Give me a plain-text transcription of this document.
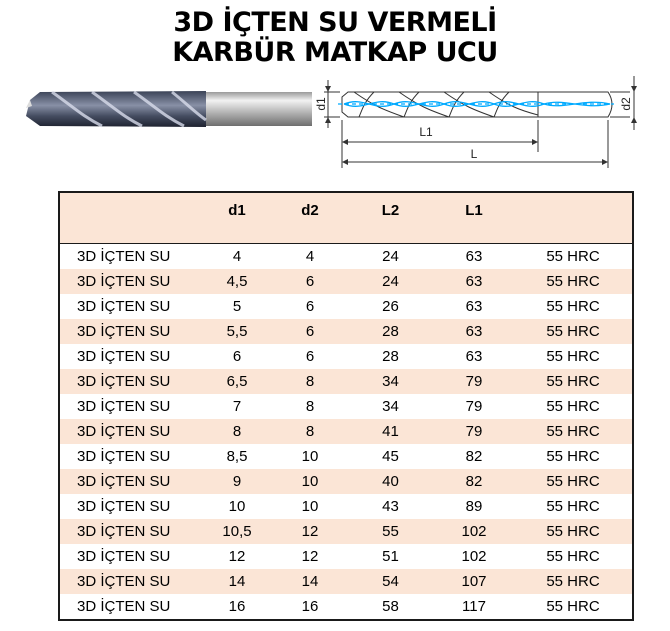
3D İÇTEN SU VERMELİ
KARBÜR MATKAP UCU
d1	d2
L1
L
	d1	d2	L2	L1	
3D İÇTEN SU	4	4	24	63	55 HRC
3D İÇTEN SU	4,5	6	24	63	55 HRC
3D İÇTEN SU	5	6	26	63	55 HRC
3D İÇTEN SU	5,5	6	28	63	55 HRC
3D İÇTEN SU	6	6	28	63	55 HRC
3D İÇTEN SU	6,5	8	34	79	55 HRC
3D İÇTEN SU	7	8	34	79	55 HRC
3D İÇTEN SU	8	8	41	79	55 HRC
3D İÇTEN SU	8,5	10	45	82	55 HRC
3D İÇTEN SU	9	10	40	82	55 HRC
3D İÇTEN SU	10	10	43	89	55 HRC
3D İÇTEN SU	10,5	12	55	102	55 HRC
3D İÇTEN SU	12	12	51	102	55 HRC
3D İÇTEN SU	14	14	54	107	55 HRC
3D İÇTEN SU	16	16	58	117	55 HRC
